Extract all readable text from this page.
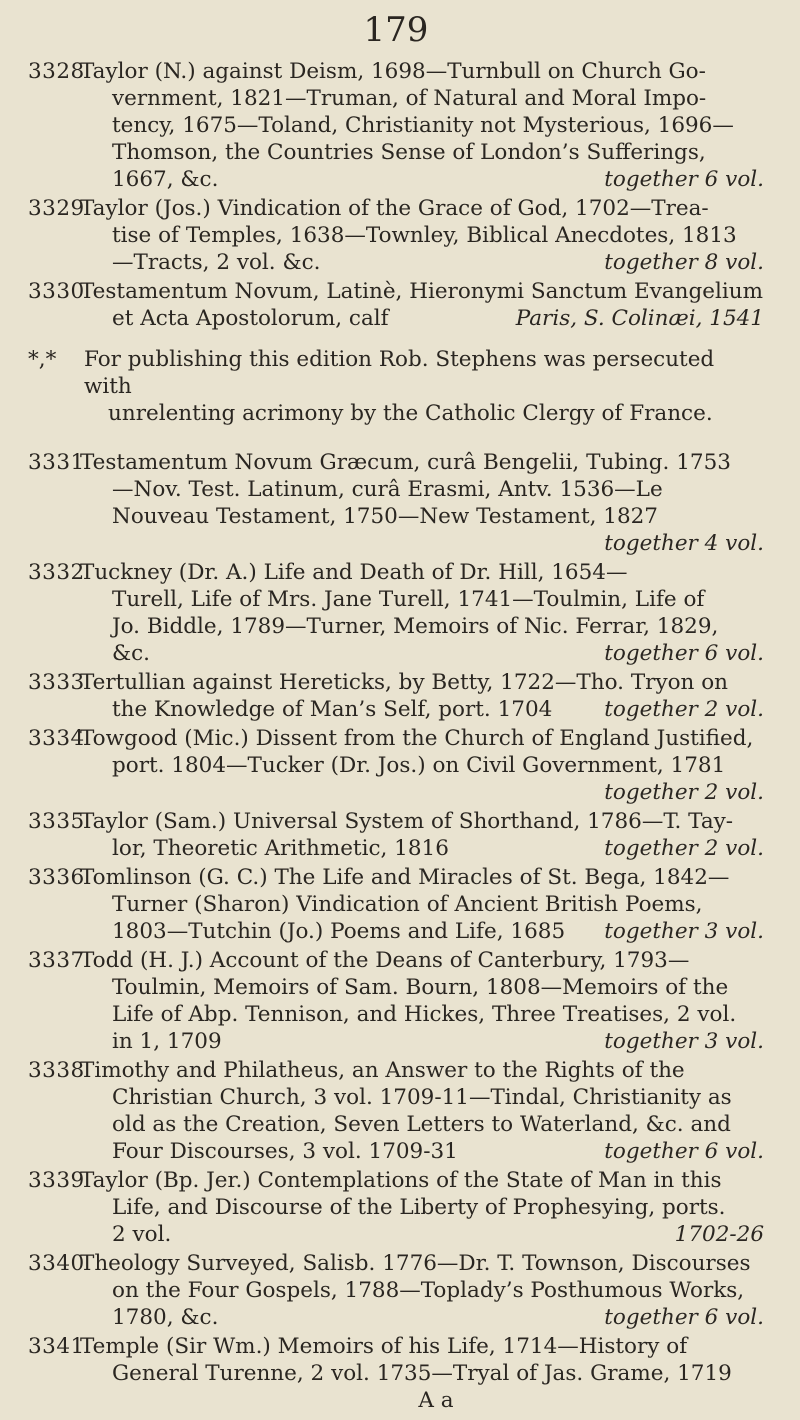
179
3328
Taylor (N.) against Deism, 1698—Turnbull on Church Go-
vernment, 1821—Truman, of Natural and Moral Impo-
tency, 1675—Toland, Christianity not Mysterious, 1696—
Thomson, the Countries Sense of London’s Sufferings,
1667, &c.	together 6 vol.
3329
Taylor (Jos.) Vindication of the Grace of God, 1702—Trea-
tise of Temples, 1638—Townley, Biblical Anecdotes, 1813
—Tracts, 2 vol. &c.	together 8 vol.
3330
Testamentum Novum, Latinè, Hieronymi Sanctum Evangelium
et Acta Apostolorum, calf	Paris, S. Colinæi, 1541
*,*	For publishing this edition Rob. Stephens was persecuted with
unrelenting acrimony by the Catholic Clergy of France.
3331
Testamentum Novum Græcum, curâ Bengelii, Tubing. 1753
—Nov. Test. Latinum, curâ Erasmi, Antv. 1536—Le
Nouveau Testament, 1750—New Testament, 1827
together 4 vol.
3332
Tuckney (Dr. A.) Life and Death of Dr. Hill, 1654—
Turell, Life of Mrs. Jane Turell, 1741—Toulmin, Life of
Jo. Biddle, 1789—Turner, Memoirs of Nic. Ferrar, 1829,
&c.	together 6 vol.
3333
Tertullian against Hereticks, by Betty, 1722—Tho. Tryon on
the Knowledge of Man’s Self, port. 1704 together 2 vol.
3334
Towgood (Mic.) Dissent from the Church of England Justified,
port. 1804—Tucker (Dr. Jos.) on Civil Government, 1781
together 2 vol.
3335
Taylor (Sam.) Universal System of Shorthand, 1786—T. Tay-
lor, Theoretic Arithmetic, 1816	together 2 vol.
3336
Tomlinson (G. C.) The Life and Miracles of St. Bega, 1842—
Turner (Sharon) Vindication of Ancient British Poems,
1803—Tutchin (Jo.) Poems and Life, 1685 together 3 vol.
3337
Todd (H. J.) Account of the Deans of Canterbury, 1793—
Toulmin, Memoirs of Sam. Bourn, 1808—Memoirs of the
Life of Abp. Tennison, and Hickes, Three Treatises, 2 vol.
in 1, 1709	together 3 vol.
3338
Timothy and Philatheus, an Answer to the Rights of the
Christian Church, 3 vol. 1709-11—Tindal, Christianity as
old as the Creation, Seven Letters to Waterland, &c. and
Four Discourses, 3 vol. 1709-31	together 6 vol.
3339
Taylor (Bp. Jer.) Contemplations of the State of Man in this
Life, and Discourse of the Liberty of Prophesying, ports.
2 vol.	1702-26
3340
Theology Surveyed, Salisb. 1776—Dr. T. Townson, Discourses
on the Four Gospels, 1788—Toplady’s Posthumous Works,
1780, &c.	together 6 vol.
3341
Temple (Sir Wm.) Memoirs of his Life, 1714—History of
General Turenne, 2 vol. 1735—Tryal of Jas. Grame, 1719
A a
